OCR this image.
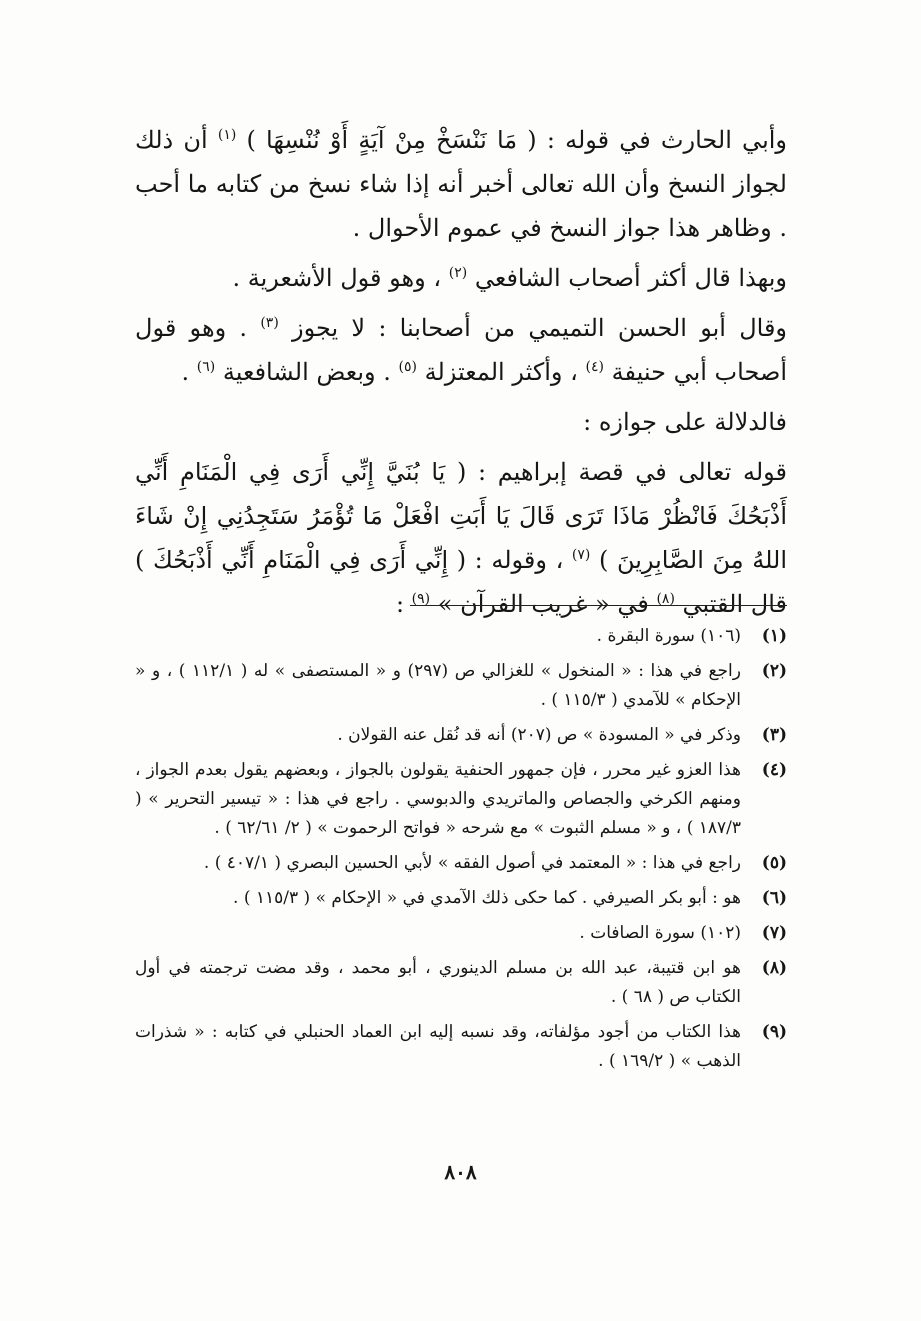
وأبي الحارث في قوله : ( مَا نَنْسَخْ مِنْ آيَةٍ أَوْ نُنْسِهَا ) $^{(١)}$ أن ذلك لجواز النسخ وأن الله تعالى أخبر أنه إذا شاء نسخ من كتابه ما أحب . وظاهر هذا جواز النسخ في عموم الأحوال .

وبهذا قال أكثر أصحاب الشافعي $^{(٢)}$ ، وهو قول الأشعرية .

وقال أبو الحسن التميمي من أصحابنا : لا يجوز $^{(٣)}$ . وهو قول أصحاب أبي حنيفة $^{(٤)}$ ، وأكثر المعتزلة $^{(٥)}$ . وبعض الشافعية $^{(٦)}$ .

فالدلالة على جوازه :

قوله تعالى في قصة إبراهيم : ( يَا بُنَيَّ إِنِّي أَرَى فِي الْمَنَامِ أَنِّي أَذْبَحُكَ فَانْظُرْ مَاذَا تَرَى قَالَ يَا أَبَتِ افْعَلْ مَا تُؤْمَرُ سَتَجِدُنِي إِنْ شَاءَ اللهُ مِنَ الصَّابِرِينَ ) $^{(٧)}$ ، وقوله : ( إِنِّي أَرَى فِي الْمَنَامِ أَنِّي أَذْبَحُكَ ) قال القتبي $^{(٨)}$ في « غريب القرآن » $^{(٩)}$ :

(١)
(١٠٦) سورة البقرة .
(٢)
راجع في هذا : « المنخول » للغزالي ص (٢٩٧) و « المستصفى » له ( ١١٢/١ ) ، و « الإحكام » للآمدي ( ١١٥/٣ ) .
(٣)
وذكر في « المسودة » ص (٢٠٧) أنه قد نُقل عنه القولان .
(٤)
هذا العزو غير محرر ، فإن جمهور الحنفية يقولون بالجواز ، وبعضهم يقول بعدم الجواز ، ومنهم الكرخي والجصاص والماتريدي والدبوسي . راجع في هذا : « تيسير التحرير » ( ١٨٧/٣ ) ، و « مسلم الثبوت » مع شرحه « فواتح الرحموت » ( ٢/ ٦٢/٦١ ) .
(٥)
راجع في هذا : « المعتمد في أصول الفقه » لأبي الحسين البصري ( ٤٠٧/١ ) .
(٦)
هو : أبو بكر الصيرفي . كما حكى ذلك الآمدي في « الإحكام » ( ١١٥/٣ ) .
(٧)
(١٠٢) سورة الصافات .
(٨)
هو ابن قتيبة، عبد الله بن مسلم الدينوري ، أبو محمد ، وقد مضت ترجمته في أول الكتاب ص ( ٦٨ ) .
(٩)
هذا الكتاب من أجود مؤلفاته، وقد نسبه إليه ابن العماد الحنبلي في كتابه : « شذرات الذهب » ( ١٦٩/٢ ) .
٨٠٨
